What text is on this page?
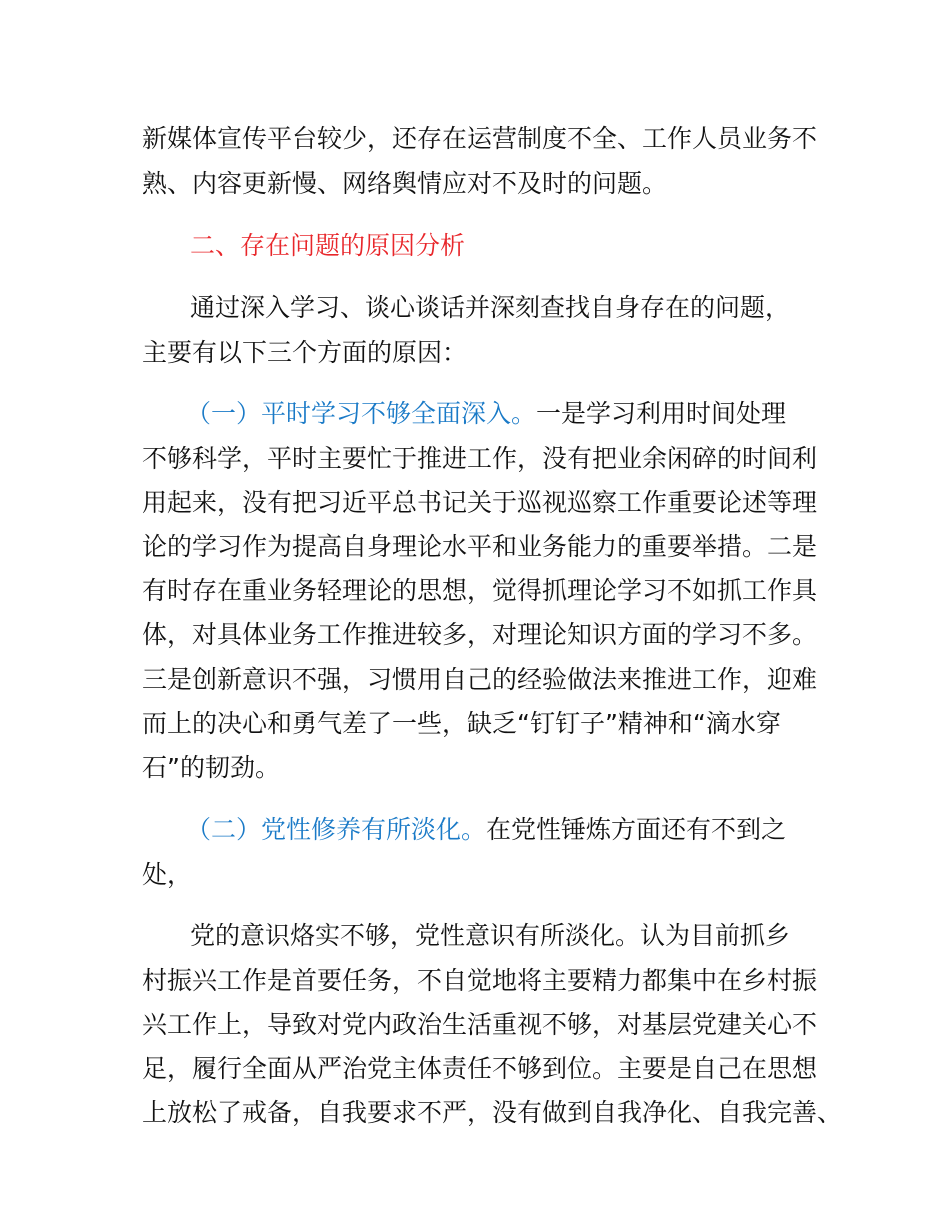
新媒体宣传平台较少，还存在运营制度不全、工作人员业务不
熟、内容更新慢、网络舆情应对不及时的问题。
二、存在问题的原因分析
通过深入学习、谈心谈话并深刻查找自身存在的问题，
主要有以下三个方面的原因：
（一）平时学习不够全面深入。一是学习利用时间处理
不够科学，平时主要忙于推进工作，没有把业余闲碎的时间利
用起来，没有把习近平总书记关于巡视巡察工作重要论述等理
论的学习作为提高自身理论水平和业务能力的重要举措。二是
有时存在重业务轻理论的思想，觉得抓理论学习不如抓工作具
体，对具体业务工作推进较多，对理论知识方面的学习不多。
三是创新意识不强，习惯用自己的经验做法来推进工作，迎难
而上的决心和勇气差了一些，缺乏“钉钉子”精神和“滴水穿
石”的韧劲。
（二）党性修养有所淡化。在党性锤炼方面还有不到之
处，
党的意识烙实不够，党性意识有所淡化。认为目前抓乡
村振兴工作是首要任务，不自觉地将主要精力都集中在乡村振
兴工作上，导致对党内政治生活重视不够，对基层党建关心不
足，履行全面从严治党主体责任不够到位。主要是自己在思想
上放松了戒备，自我要求不严，没有做到自我净化、自我完善、
